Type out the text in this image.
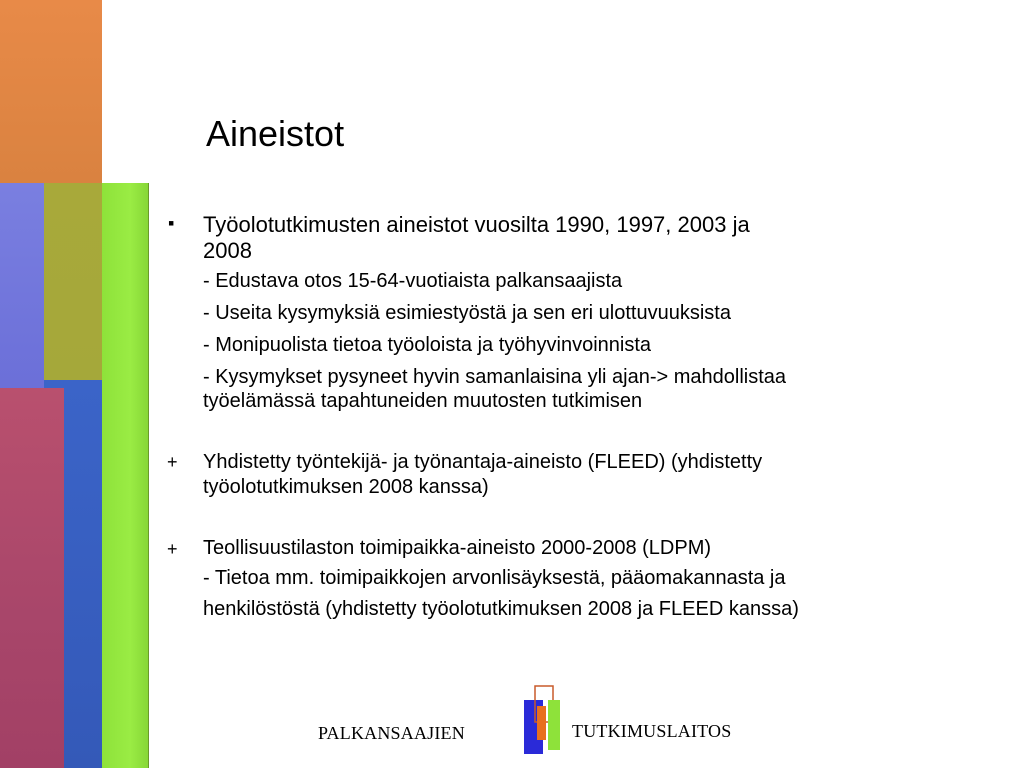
Aineistot
▪ Työolotutkimusten aineistot vuosilta 1990, 1997, 2003 ja

2008

- Edustava otos 15-64-vuotiaista palkansaajista

- Useita kysymyksiä esimiestyöstä ja sen eri ulottuvuuksista

- Monipuolista tietoa työoloista ja työhyvinvoinnista

- Kysymykset pysyneet hyvin samanlaisina yli ajan-> mahdollistaa

työelämässä tapahtuneiden muutosten tutkimisen

+ Yhdistetty työntekijä- ja työnantaja-aineisto (FLEED) (yhdistetty

työolotutkimuksen 2008 kanssa)

+ Teollisuustilaston toimipaikka-aineisto 2000-2008 (LDPM)

- Tietoa mm. toimipaikkojen arvonlisäyksestä, pääomakannasta ja

henkilöstöstä (yhdistetty työolotutkimuksen 2008 ja FLEED kanssa)

PALKANSAAJIEN	TUTKIMUSLAITOS
